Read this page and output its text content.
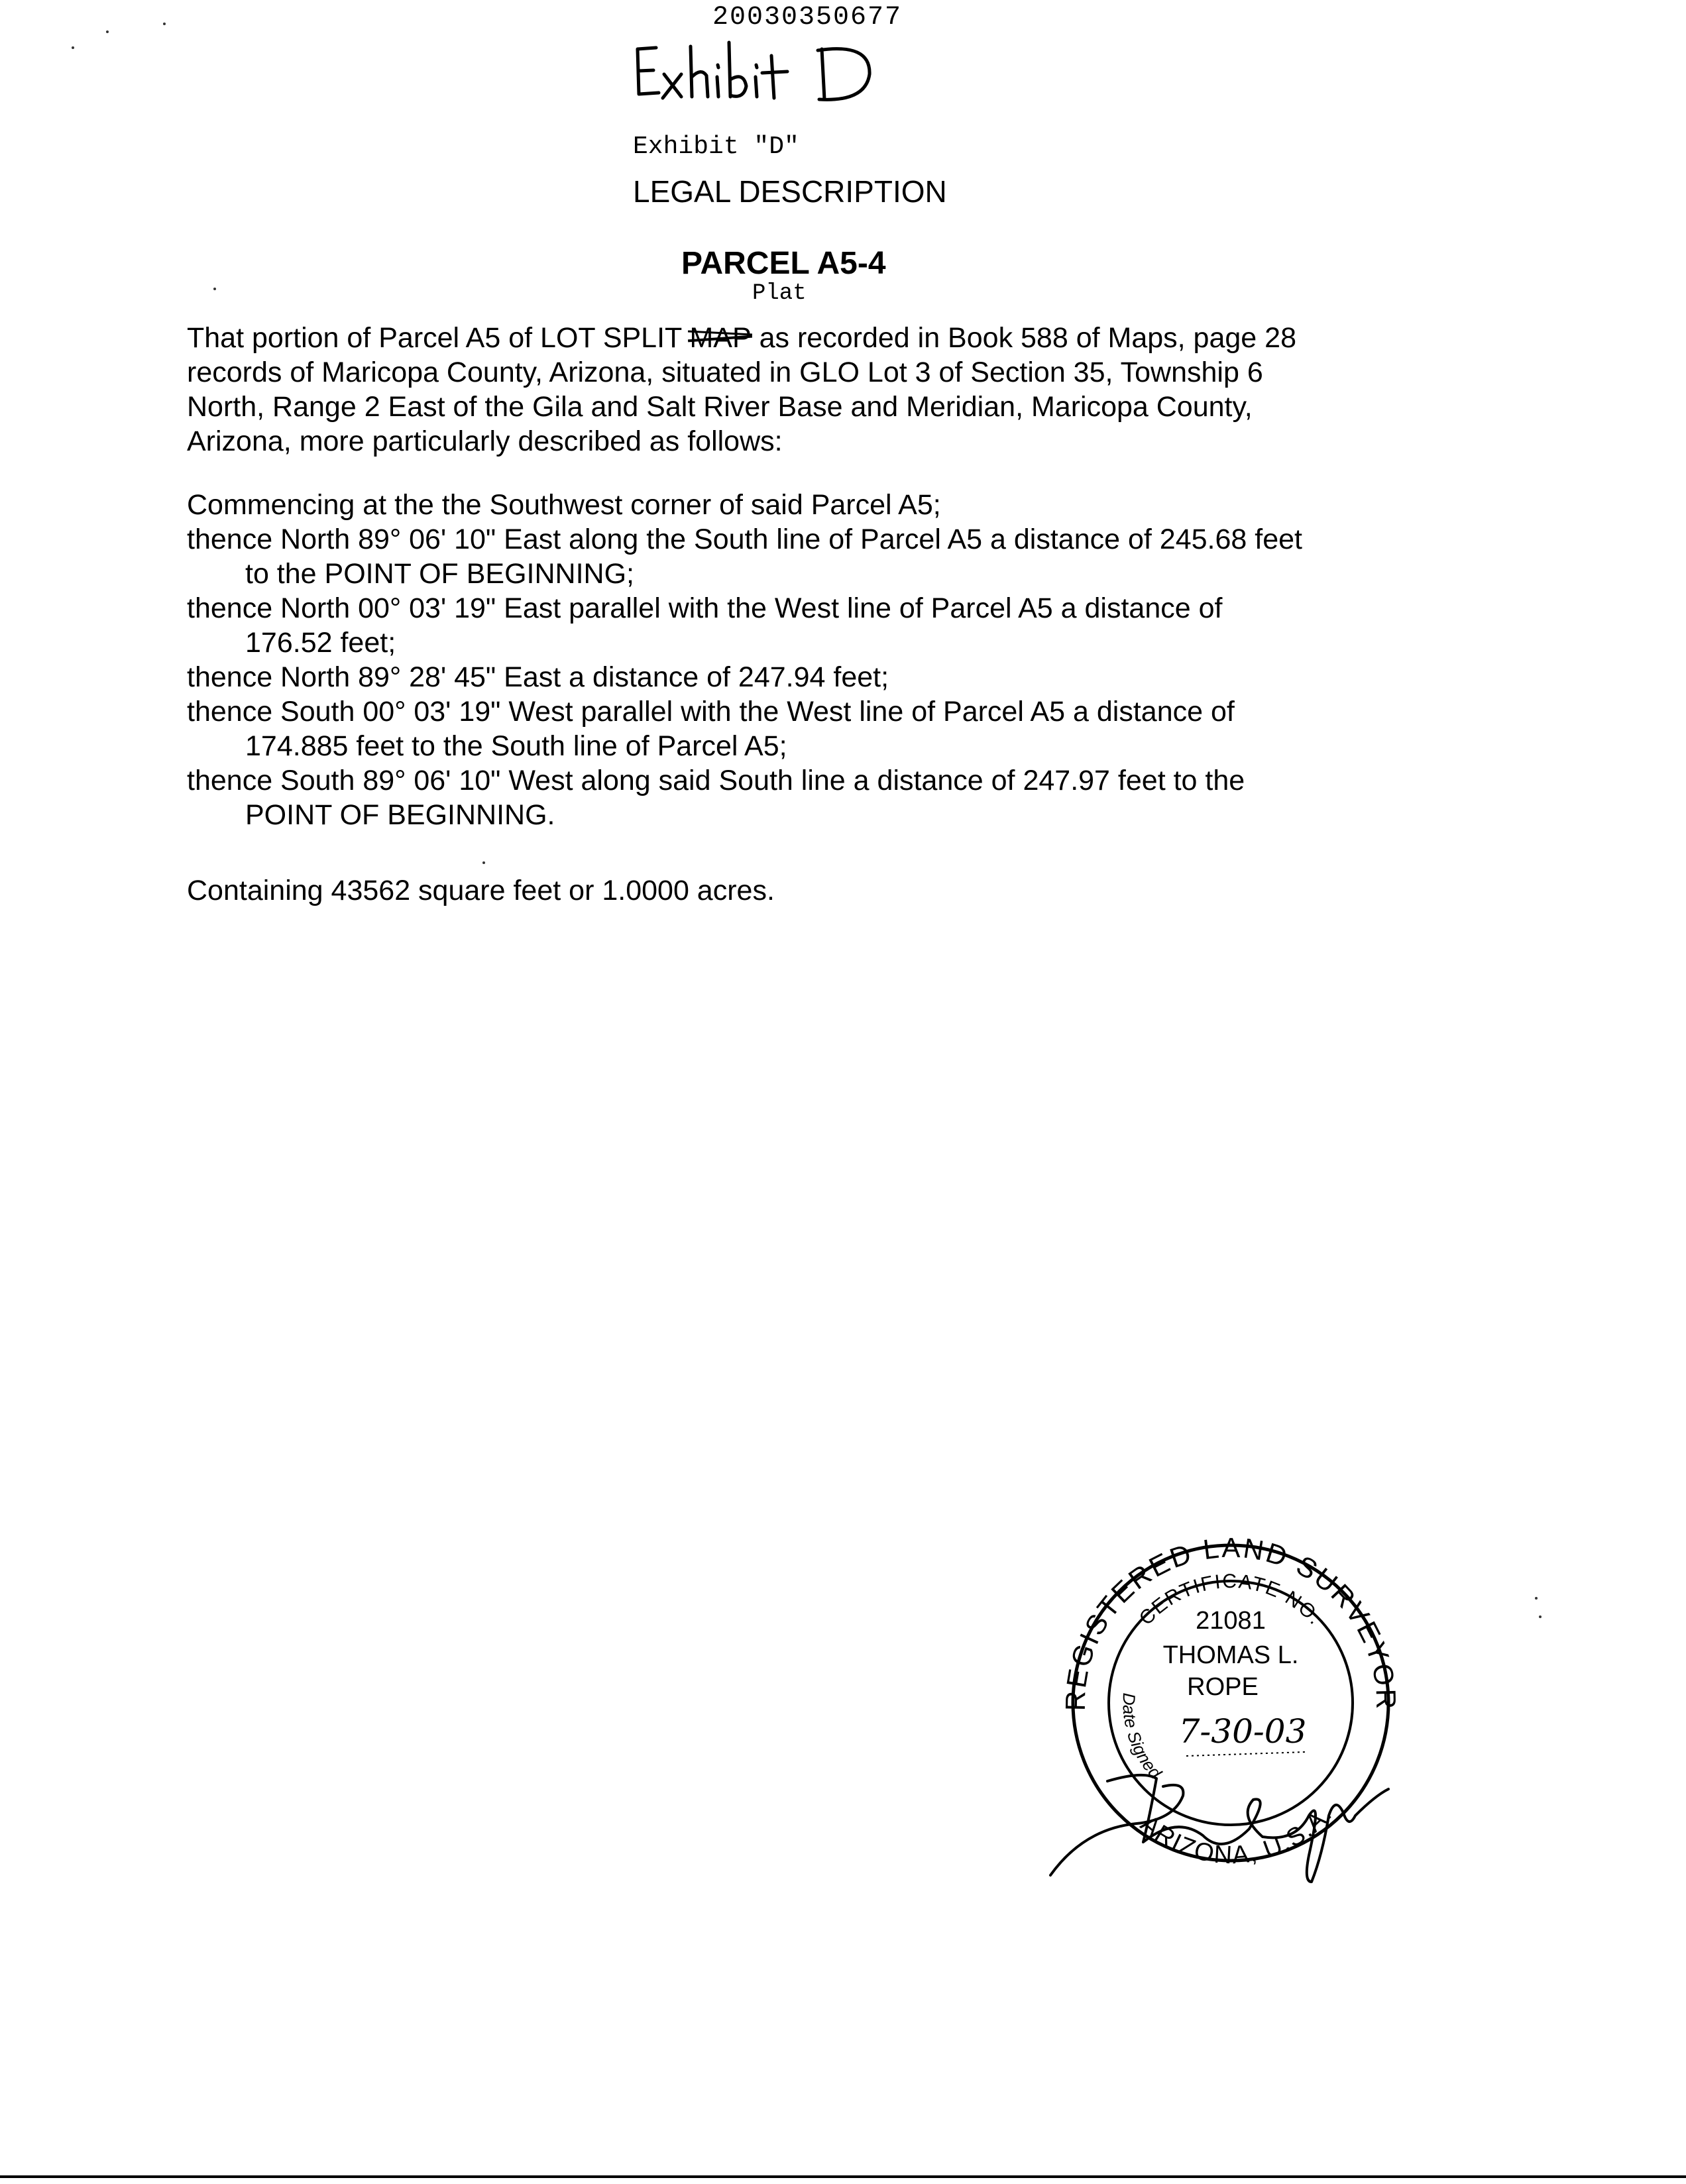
20030350677
Exhibit "D"
LEGAL DESCRIPTION
PARCEL A5-4
Plat
That portion of Parcel A5 of LOT SPLIT MAP as recorded in Book 588 of Maps, page 28
records of Maricopa County, Arizona, situated in GLO Lot 3 of Section 35, Township 6
North, Range 2 East of the Gila and Salt River Base and Meridian, Maricopa County,
Arizona, more particularly described as follows:
Commencing at the the Southwest corner of said Parcel A5;
thence North 89° 06' 10" East along the South line of Parcel A5 a distance of 245.68 feet
to the POINT OF BEGINNING;
thence North 00° 03' 19" East parallel with the West line of Parcel A5 a distance of
176.52 feet;
thence North 89° 28' 45" East a distance of 247.94 feet;
thence South 00° 03' 19" West parallel with the West line of Parcel A5 a distance of
174.885 feet to the South line of Parcel A5;
thence South 89° 06' 10" West along said South line a distance of 247.97 feet to the
POINT OF BEGINNING.
Containing 43562 square feet or 1.0000 acres.
REGISTERED LAND SURVEYOR
CERTIFICATE NO.
ARIZONA, U.S.A.
Date Signed
21081
THOMAS L.
ROPE
7-30-03
